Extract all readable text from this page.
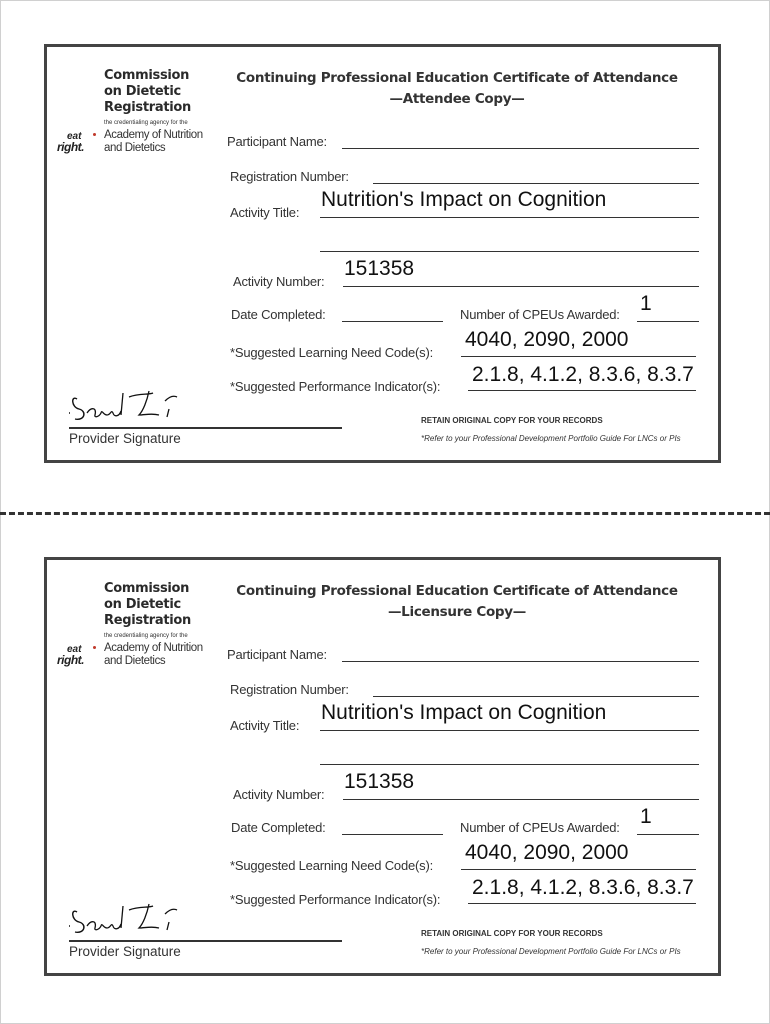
Commission
on Dietetic
Registration
the credentialing agency for the
eat
right.
Academy of Nutrition
and Dietetics
Continuing Professional Education Certificate of Attendance
—Attendee Copy—
Participant Name:
Registration Number:
Activity Title:
Nutrition's Impact on Cognition
Activity Number:
151358
Date Completed:	Number of CPEUs Awarded: 1
*Suggested Learning Need Code(s):
4040, 2090, 2000
*Suggested Performance Indicator(s):
2.1.8, 4.1.2, 8.3.6, 8.3.7
Provider Signature
RETAIN ORIGINAL COPY FOR YOUR RECORDS
*Refer to your Professional Development Portfolio Guide For LNCs or PIs
Commission
on Dietetic
Registration
the credentialing agency for the
eat
right.
Academy of Nutrition
and Dietetics
Continuing Professional Education Certificate of Attendance
—Licensure Copy—
Participant Name:
Registration Number:
Activity Title:
Nutrition's Impact on Cognition
Activity Number:
151358
Date Completed:	Number of CPEUs Awarded: 1
*Suggested Learning Need Code(s):
4040, 2090, 2000
*Suggested Performance Indicator(s):
2.1.8, 4.1.2, 8.3.6, 8.3.7
Provider Signature
RETAIN ORIGINAL COPY FOR YOUR RECORDS
*Refer to your Professional Development Portfolio Guide For LNCs or PIs
